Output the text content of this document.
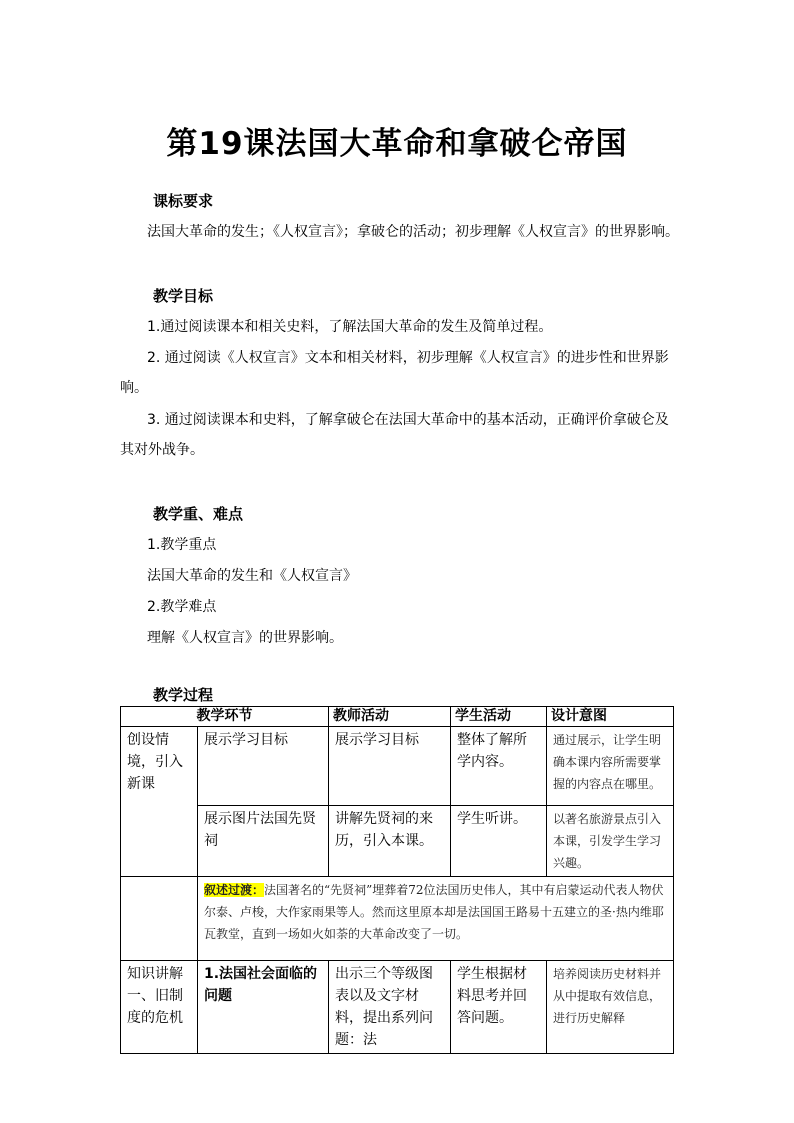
第19课法国大革命和拿破仑帝国
课标要求
法国大革命的发生；《人权宣言》；拿破仑的活动；初步理解《人权宣言》的世界影响。
教学目标
1.通过阅读课本和相关史料，了解法国大革命的发生及简单过程。
2. 通过阅读《人权宣言》文本和相关材料，初步理解《人权宣言》的进步性和世界影
响。
3. 通过阅读课本和史料，了解拿破仑在法国大革命中的基本活动，正确评价拿破仑及
其对外战争。
教学重、难点
1.教学重点
法国大革命的发生和《人权宣言》
2.教学难点
理解《人权宣言》的世界影响。
教学过程
教学环节		教师活动	学生活动	设计意图
创设情境，引入新课	展示学习目标	展示学习目标	整体了解所学内容。	通过展示，让学生明确本课内容所需要掌握的内容点在哪里。
	展示图片法国先贤祠	讲解先贤祠的来历，引入本课。	学生听讲。	以著名旅游景点引入本课，引发学生学习兴趣。
	叙述过渡：法国著名的“先贤祠”埋葬着72位法国历史伟人，其中有启蒙运动代表人物伏尔泰、卢梭，大作家雨果等人。然而这里原本却是法国国王路易十五建立的圣·热内维耶瓦教堂，直到一场如火如荼的大革命改变了一切。			
知识讲解一、旧制度的危机	1.法国社会面临的问题	出示三个等级图表以及文字材料，提出系列问题：法	学生根据材料思考并回答问题。	培养阅读历史材料并从中提取有效信息，进行历史解释
